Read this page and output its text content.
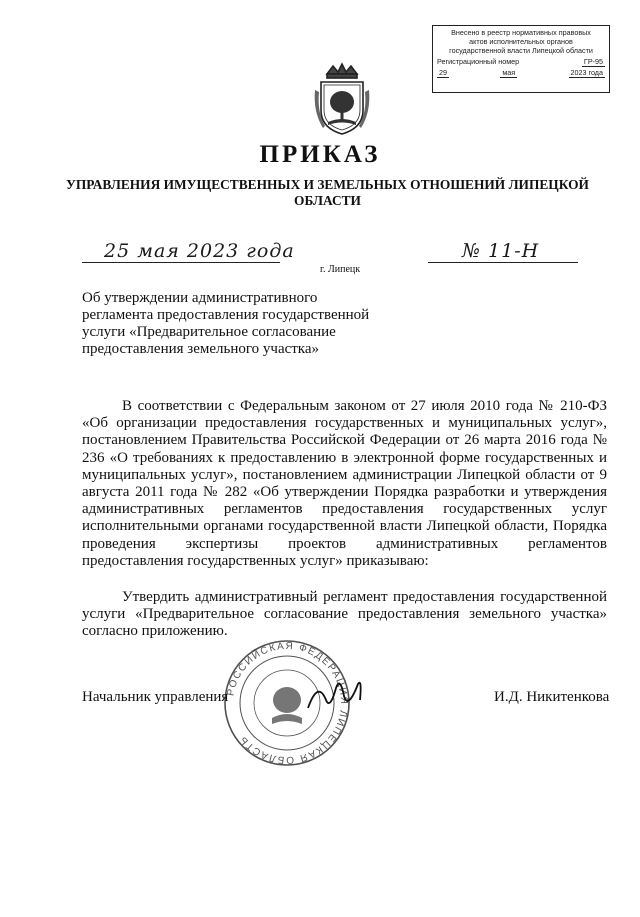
Внесено в реестр нормативных правовых
актов исполнительных органов
государственной власти Липецкой области
Регистрационный номер	ГР-95
29	мая	2023 года
ПРИКАЗ
УПРАВЛЕНИЯ ИМУЩЕСТВЕННЫХ И ЗЕМЕЛЬНЫХ ОТНОШЕНИЙ ЛИПЕЦКОЙ ОБЛАСТИ
25 мая 2023 года	№ 11-Н
г. Липецк
Об утверждении административного регламента предоставления государственной услуги «Предварительное согласование предоставления земельного участка»
В соответствии с Федеральным законом от 27 июля 2010 года № 210-ФЗ «Об организации предоставления государственных и муниципальных услуг», постановлением Правительства Российской Федерации от 26 марта 2016 года № 236 «О требованиях к предоставлению в электронной форме государственных и муниципальных услуг», постановлением администрации Липецкой области от 9 августа 2011 года № 282 «Об утверждении Порядка разработки и утверждения административных регламентов предоставления государственных услуг исполнительными органами государственной власти Липецкой области, Порядка проведения экспертизы проектов административных регламентов предоставления государственных услуг» приказываю:
Утвердить административный регламент предоставления государственной услуги «Предварительное согласование предоставления земельного участка» согласно приложению.
РОССИЙСКАЯ ФЕДЕРАЦИЯ ЛИПЕЦКАЯ ОБЛАСТЬ
Начальник управления	И.Д. Никитенкова
